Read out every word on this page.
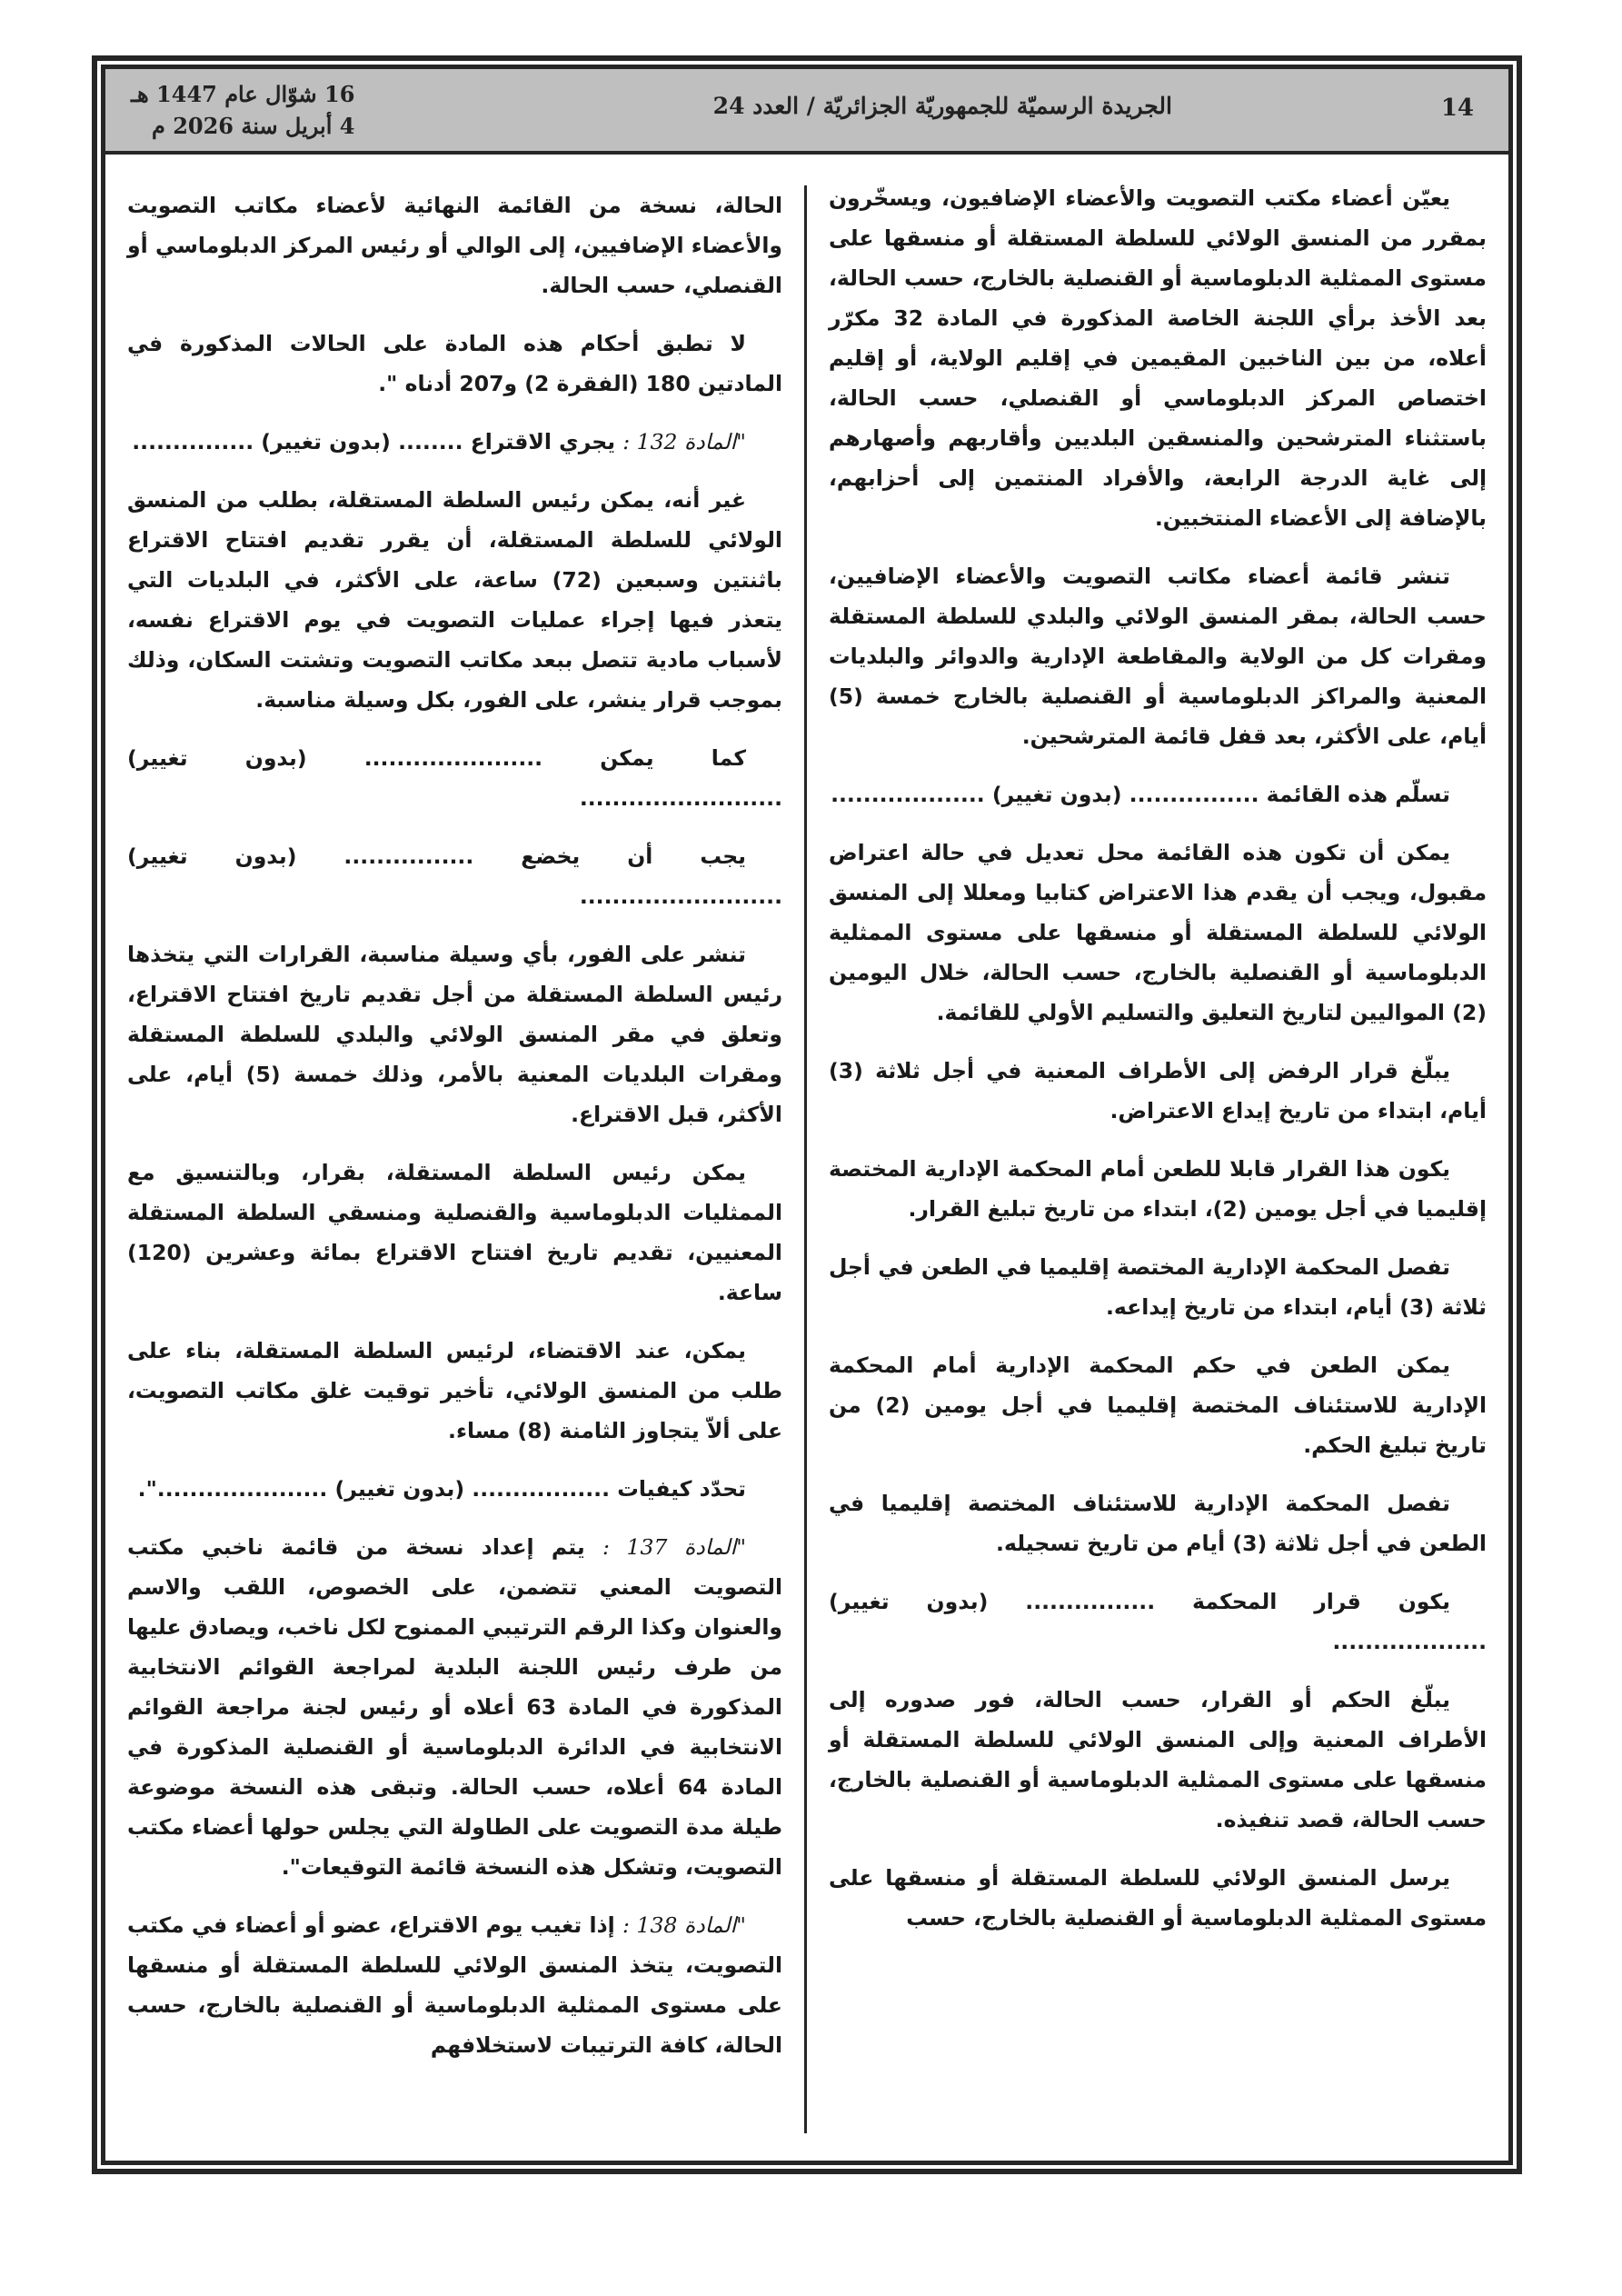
14
الجريدة الرسميّة للجمهوريّة الجزائريّة / العدد 24
16 شوّال عام 1447 هـ
4 أبريل سنة 2026 م

يعيّن أعضاء مكتب التصويت والأعضاء الإضافيون، ويسخّرون بمقرر من المنسق الولائي للسلطة المستقلة أو منسقها على مستوى الممثلية الدبلوماسية أو القنصلية بالخارج، حسب الحالة، بعد الأخذ برأي اللجنة الخاصة المذكورة في المادة 32 مكرّر أعلاه، من بين الناخبين المقيمين في إقليم الولاية، أو إقليم اختصاص المركز الدبلوماسي أو القنصلي، حسب الحالة، باستثناء المترشحين والمنسقين البلديين وأقاربهم وأصهارهم إلى غاية الدرجة الرابعة، والأفراد المنتمين إلى أحزابهم، بالإضافة إلى الأعضاء المنتخبين.

تنشر قائمة أعضاء مكاتب التصويت والأعضاء الإضافيين، حسب الحالة، بمقر المنسق الولائي والبلدي للسلطة المستقلة ومقرات كل من الولاية والمقاطعة الإدارية والدوائر والبلديات المعنية والمراكز الدبلوماسية أو القنصلية بالخارج خمسة (5) أيام، على الأكثر، بعد قفل قائمة المترشحين.

تسلّم هذه القائمة ................ (بدون تغيير) ...................

يمكن أن تكون هذه القائمة محل تعديل في حالة اعتراض مقبول، ويجب أن يقدم هذا الاعتراض كتابيا ومعللا إلى المنسق الولائي للسلطة المستقلة أو منسقها على مستوى الممثلية الدبلوماسية أو القنصلية بالخارج، حسب الحالة، خلال اليومين (2) المواليين لتاريخ التعليق والتسليم الأولي للقائمة.

يبلّغ قرار الرفض إلى الأطراف المعنية في أجل ثلاثة (3) أيام، ابتداء من تاريخ إيداع الاعتراض.

يكون هذا القرار قابلا للطعن أمام المحكمة الإدارية المختصة إقليميا في أجل يومين (2)، ابتداء من تاريخ تبليغ القرار.

تفصل المحكمة الإدارية المختصة إقليميا في الطعن في أجل ثلاثة (3) أيام، ابتداء من تاريخ إيداعه.

يمكن الطعن في حكم المحكمة الإدارية أمام المحكمة الإدارية للاستئناف المختصة إقليميا في أجل يومين (2) من تاريخ تبليغ الحكم.

تفصل المحكمة الإدارية للاستئناف المختصة إقليميا في الطعن في أجل ثلاثة (3) أيام من تاريخ تسجيله.

يكون قرار المحكمة ................ (بدون تغيير) ...................

يبلّغ الحكم أو القرار، حسب الحالة، فور صدوره إلى الأطراف المعنية وإلى المنسق الولائي للسلطة المستقلة أو منسقها على مستوى الممثلية الدبلوماسية أو القنصلية بالخارج، حسب الحالة، قصد تنفيذه.

يرسل المنسق الولائي للسلطة المستقلة أو منسقها على مستوى الممثلية الدبلوماسية أو القنصلية بالخارج، حسب

الحالة، نسخة من القائمة النهائية لأعضاء مكاتب التصويت والأعضاء الإضافيين، إلى الوالي أو رئيس المركز الدبلوماسي أو القنصلي، حسب الحالة.

لا تطبق أحكام هذه المادة على الحالات المذكورة في المادتين 180 (الفقرة 2) و207 أدناه ".

"المادة 132 : يجري الاقتراع ........ (بدون تغيير) ...............

غير أنه، يمكن رئيس السلطة المستقلة، بطلب من المنسق الولائي للسلطة المستقلة، أن يقرر تقديم افتتاح الاقتراع باثنتين وسبعين (72) ساعة، على الأكثر، في البلديات التي يتعذر فيها إجراء عمليات التصويت في يوم الاقتراع نفسه، لأسباب مادية تتصل ببعد مكاتب التصويت وتشتت السكان، وذلك بموجب قرار ينشر، على الفور، بكل وسيلة مناسبة.

كما يمكن ...................... (بدون تغيير) .........................

يجب أن يخضع ................ (بدون تغيير) .........................

تنشر على الفور، بأي وسيلة مناسبة، القرارات التي يتخذها رئيس السلطة المستقلة من أجل تقديم تاريخ افتتاح الاقتراع، وتعلق في مقر المنسق الولائي والبلدي للسلطة المستقلة ومقرات البلديات المعنية بالأمر، وذلك خمسة (5) أيام، على الأكثر، قبل الاقتراع.

يمكن رئيس السلطة المستقلة، بقرار، وبالتنسيق مع الممثليات الدبلوماسية والقنصلية ومنسقي السلطة المستقلة المعنيين، تقديم تاريخ افتتاح الاقتراع بمائة وعشرين (120) ساعة.

يمكن، عند الاقتضاء، لرئيس السلطة المستقلة، بناء على طلب من المنسق الولائي، تأخير توقيت غلق مكاتب التصويت، على ألاّ يتجاوز الثامنة (8) مساء.

تحدّد كيفيات ................. (بدون تغيير) .....................".

"المادة 137 : يتم إعداد نسخة من قائمة ناخبي مكتب التصويت المعني تتضمن، على الخصوص، اللقب والاسم والعنوان وكذا الرقم الترتيبي الممنوح لكل ناخب، ويصادق عليها من طرف رئيس اللجنة البلدية لمراجعة القوائم الانتخابية المذكورة في المادة 63 أعلاه أو رئيس لجنة مراجعة القوائم الانتخابية في الدائرة الدبلوماسية أو القنصلية المذكورة في المادة 64 أعلاه، حسب الحالة. وتبقى هذه النسخة موضوعة طيلة مدة التصويت على الطاولة التي يجلس حولها أعضاء مكتب التصويت، وتشكل هذه النسخة قائمة التوقيعات".

"المادة 138 : إذا تغيب يوم الاقتراع، عضو أو أعضاء في مكتب التصويت، يتخذ المنسق الولائي للسلطة المستقلة أو منسقها على مستوى الممثلية الدبلوماسية أو القنصلية بالخارج، حسب الحالة، كافة الترتيبات لاستخلافهم
